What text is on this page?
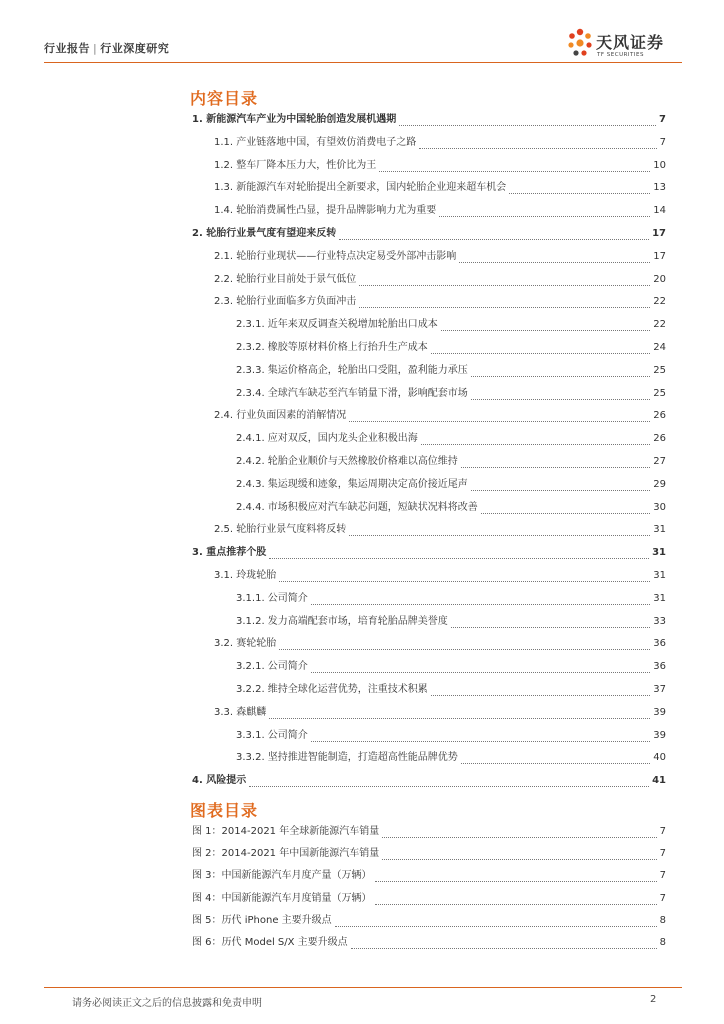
行业报告 | 行业深度研究	天风证券
TF SECURITIES
内容目录
1. 新能源汽车产业为中国轮胎创造发展机遇期	7
1.1. 产业链落地中国，有望效仿消费电子之路	7
1.2. 整车厂降本压力大，性价比为王	10
1.3. 新能源汽车对轮胎提出全新要求，国内轮胎企业迎来超车机会	13
1.4. 轮胎消费属性凸显，提升品牌影响力尤为重要	14
2. 轮胎行业景气度有望迎来反转	17
2.1. 轮胎行业现状——行业特点决定易受外部冲击影响	17
2.2. 轮胎行业目前处于景气低位	20
2.3. 轮胎行业面临多方负面冲击	22
2.3.1. 近年来双反调查关税增加轮胎出口成本	22
2.3.2. 橡胶等原材料价格上行抬升生产成本	24
2.3.3. 集运价格高企，轮胎出口受阻，盈利能力承压	25
2.3.4. 全球汽车缺芯至汽车销量下滑，影响配套市场	25
2.4. 行业负面因素的消解情况	26
2.4.1. 应对双反，国内龙头企业积极出海	26
2.4.2. 轮胎企业顺价与天然橡胶价格难以高位维持	27
2.4.3. 集运现缓和迹象，集运周期决定高价接近尾声	29
2.4.4. 市场积极应对汽车缺芯问题，短缺状况料将改善	30
2.5. 轮胎行业景气度料将反转	31
3. 重点推荐个股	31
3.1. 玲珑轮胎	31
3.1.1. 公司简介	31
3.1.2. 发力高端配套市场，培育轮胎品牌美誉度	33
3.2. 赛轮轮胎	36
3.2.1. 公司简介	36
3.2.2. 维持全球化运营优势，注重技术积累	37
3.3. 森麒麟	39
3.3.1. 公司简介	39
3.3.2. 坚持推进智能制造，打造超高性能品牌优势	40
4. 风险提示	41
图表目录
图 1：2014-2021 年全球新能源汽车销量	7
图 2：2014-2021 年中国新能源汽车销量	7
图 3：中国新能源汽车月度产量（万辆）	7
图 4：中国新能源汽车月度销量（万辆）	7
图 5：历代 iPhone 主要升级点	8
图 6：历代 Model S/X 主要升级点	8
请务必阅读正文之后的信息披露和免责申明	2
